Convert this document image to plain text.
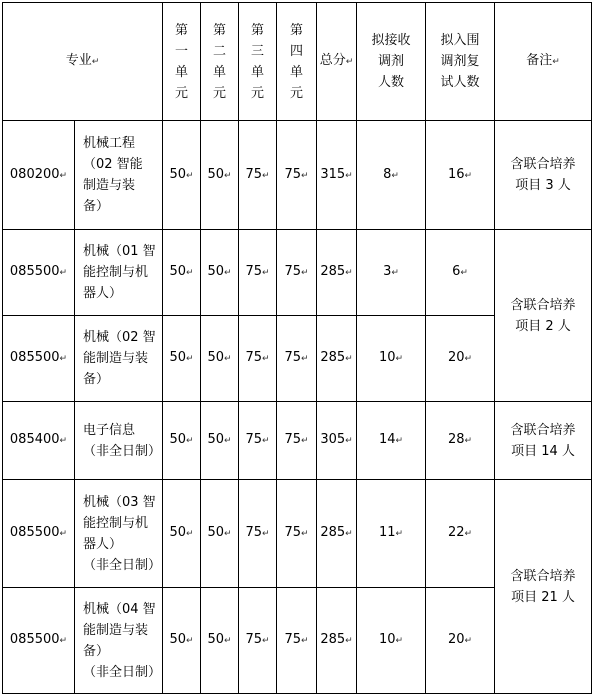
专业↵		第
一
单
元	第
二
单
元	第
三
单
元	第
四
单
元	总分↵	拟接收
调剂
人数	拟入围
调剂复
试人数	备注↵
080200↵	机械工程
（02 智能
制造与装
备）	50↵	50↵	75↵	75↵	315↵	8↵	16↵	含联合培养
项目 3 人

085500↵	机械（01 智
能控制与机
器人）	50↵	50↵	75↵	75↵	285↵	3↵	6↵	含联合培养
项目 2 人

085500↵	机械（02 智
能制造与装
备）	50↵	50↵	75↵	75↵	285↵	10↵	20↵	
085400↵	电子信息
（非全日制）	50↵	50↵	75↵	75↵	305↵	14↵	28↵	含联合培养
项目 14 人

085500↵	机械（03 智
能控制与机
器人）
（非全日制）	50↵	50↵	75↵	75↵	285↵	11↵	22↵	含联合培养
项目 21 人

085500↵	机械（04 智
能制造与装
备）
（非全日制）	50↵	50↵	75↵	75↵	285↵	10↵	20↵	
